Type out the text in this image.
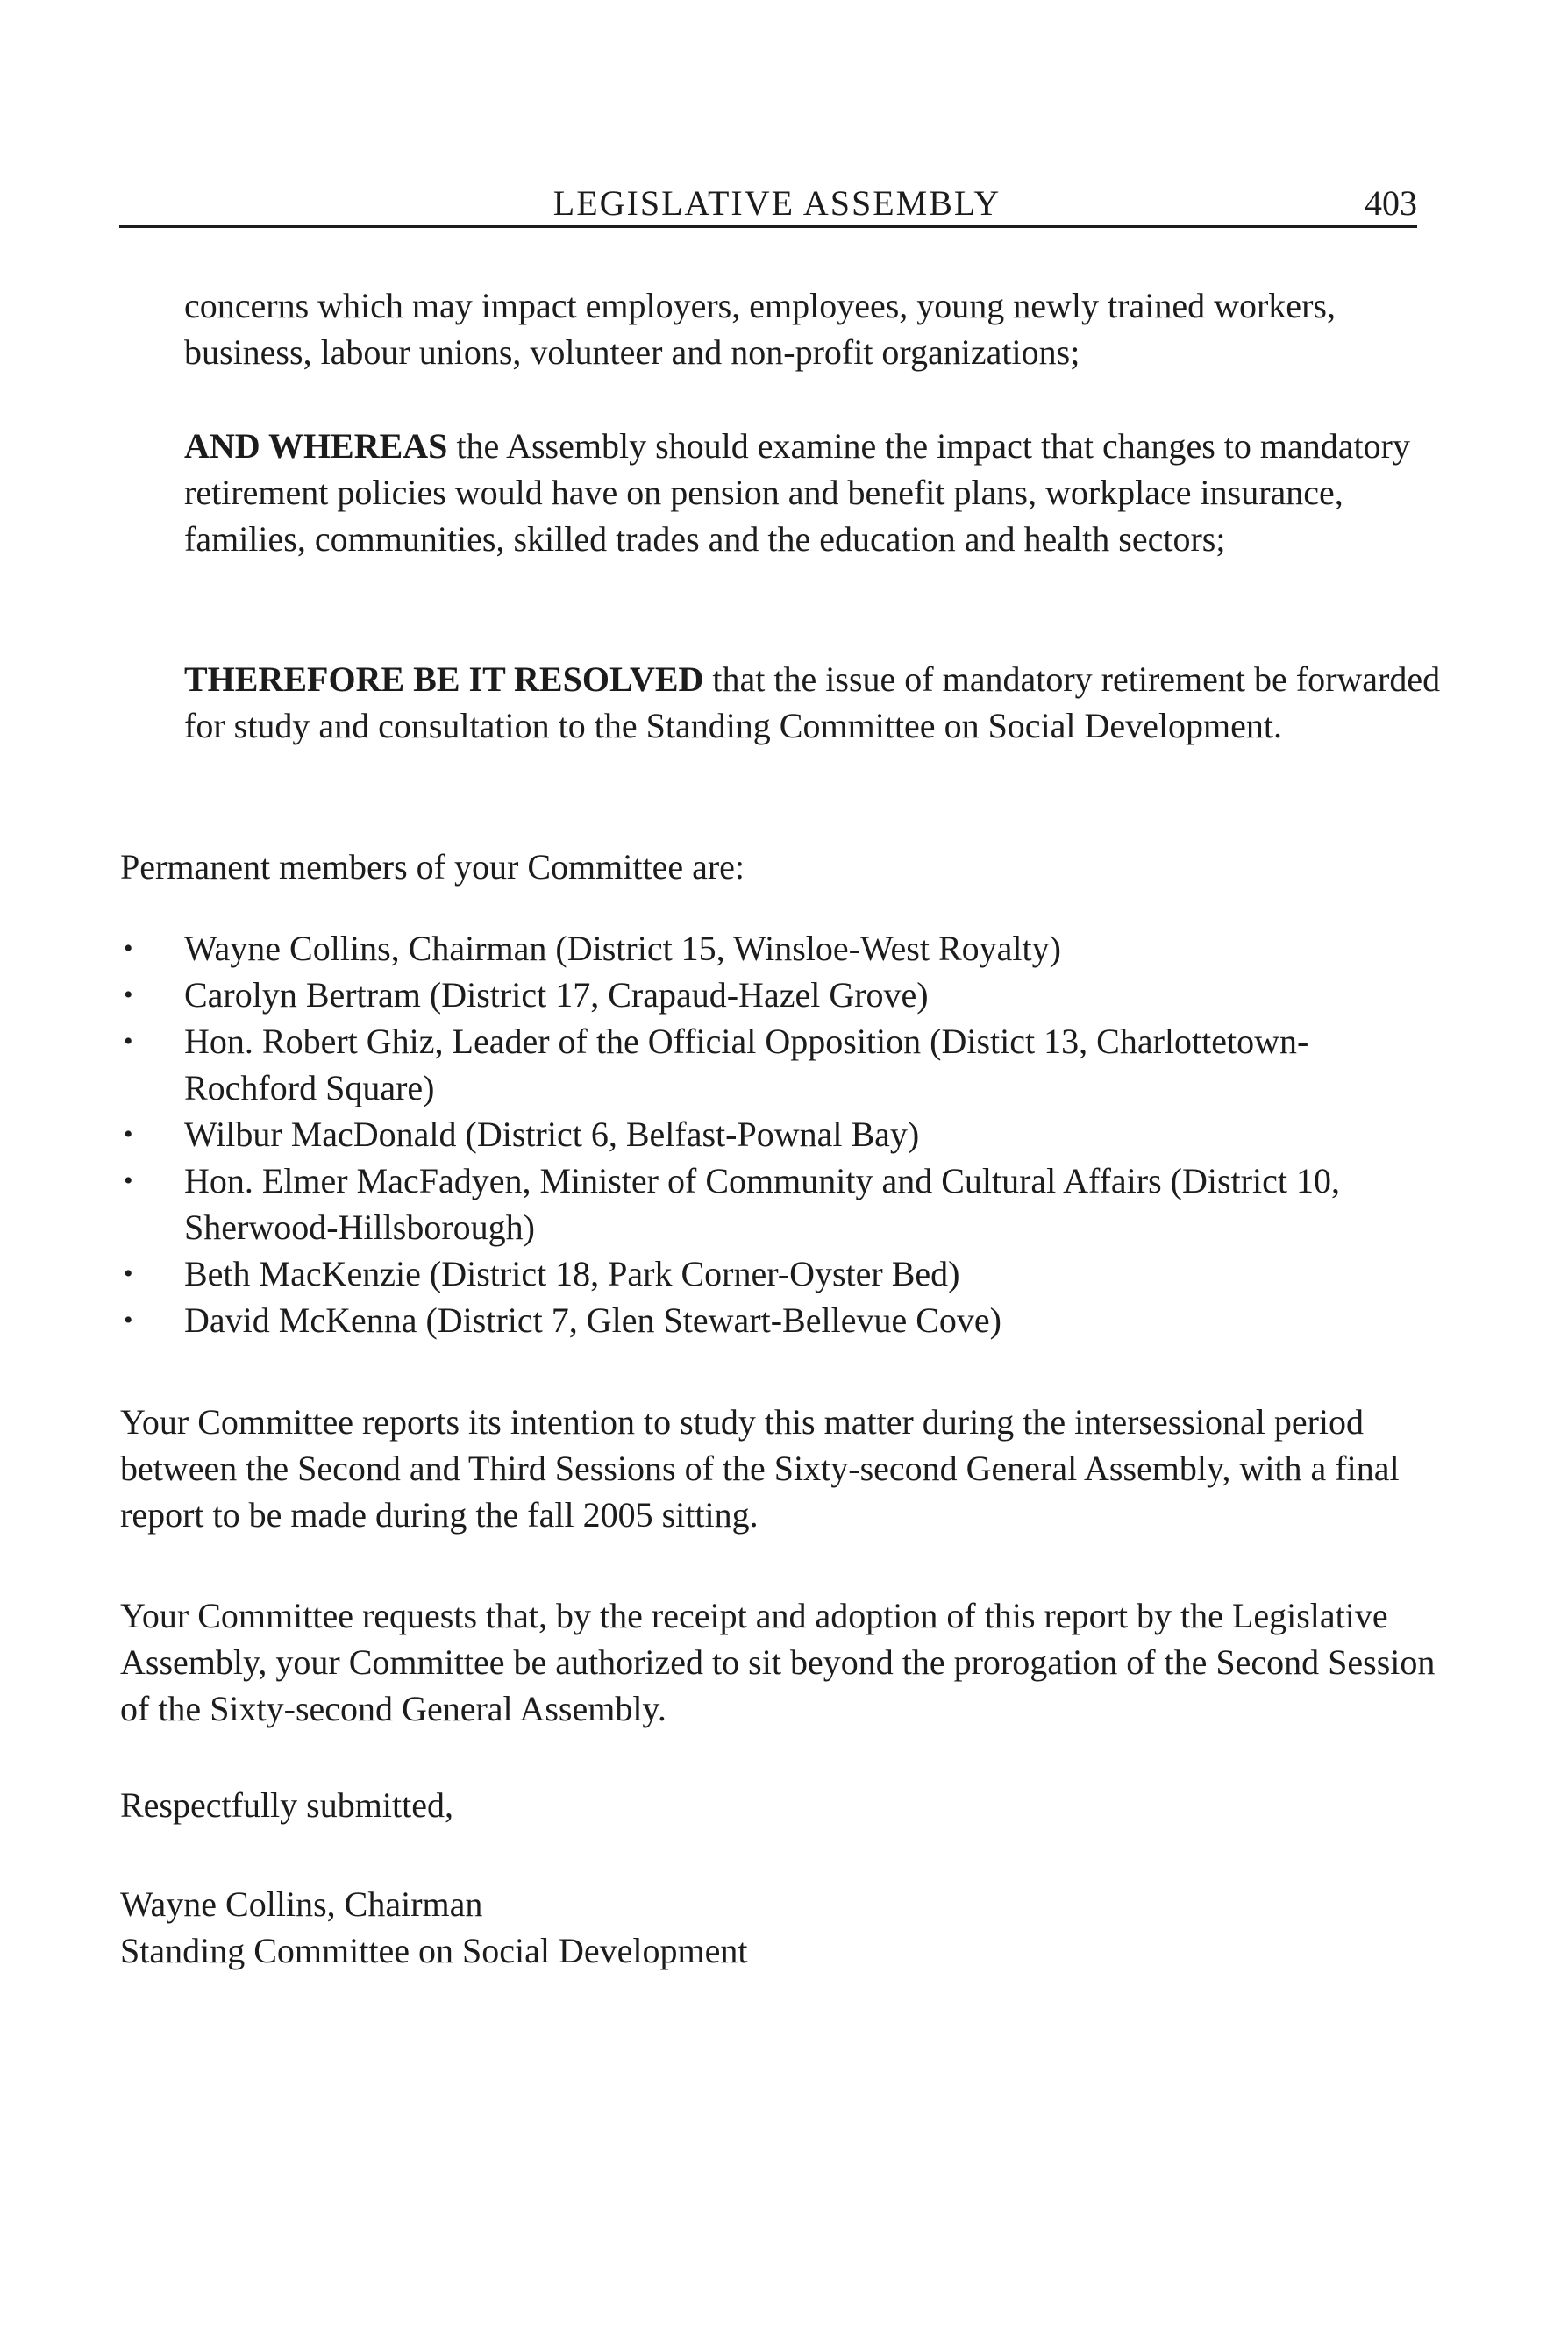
LEGISLATIVE ASSEMBLY	403

concerns which may impact employers, employees, young newly trained workers, business, labour unions, volunteer and non-profit organizations;

AND WHEREAS the Assembly should examine the impact that changes to mandatory retirement policies would have on pension and benefit plans, workplace insurance, families, communities, skilled trades and the education and health sectors;

THEREFORE BE IT RESOLVED that the issue of mandatory retirement be forwarded for study and consultation to the Standing Committee on Social Development.

Permanent members of your Committee are:

• Wayne Collins, Chairman (District 15, Winsloe-West Royalty)
• Carolyn Bertram (District 17, Crapaud-Hazel Grove)
• Hon. Robert Ghiz, Leader of the Official Opposition (Distict 13, Charlottetown-Rochford Square)
• Wilbur MacDonald (District 6, Belfast-Pownal Bay)
• Hon. Elmer MacFadyen, Minister of Community and Cultural Affairs (District 10, Sherwood-Hillsborough)
• Beth MacKenzie (District 18, Park Corner-Oyster Bed)
• David McKenna (District 7, Glen Stewart-Bellevue Cove)

Your Committee reports its intention to study this matter during the intersessional period between the Second and Third Sessions of the Sixty-second General Assembly, with a final report to be made during the fall 2005 sitting.

Your Committee requests that, by the receipt and adoption of this report by the Legislative Assembly, your Committee be authorized to sit beyond the prorogation of the Second Session of the Sixty-second General Assembly.

Respectfully submitted,

Wayne Collins, Chairman
Standing Committee on Social Development
